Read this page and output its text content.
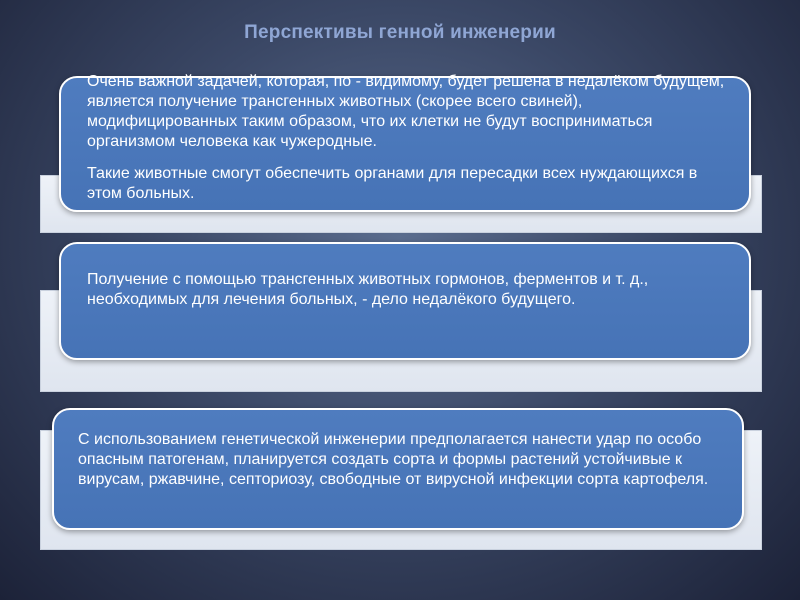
Перспективы генной инженерии

Очень важной задачей, которая, по - видимому, будет решена в недалёком будущем, является получение трансгенных животных (скорее всего свиней), модифицированных таким образом, что их клетки не будут восприниматься организмом человека как чужеродные.

Такие животные смогут обеспечить органами для пересадки всех нуждающихся в этом больных.

Получение с помощью трансгенных животных гормонов, ферментов и т. д., необходимых для лечения больных, - дело недалёкого будущего.

С использованием генетической инженерии предполагается нанести удар по особо опасным патогенам, планируется создать сорта и формы растений устойчивые к вирусам, ржавчине, септориозу, свободные от вирусной инфекции сорта картофеля.
